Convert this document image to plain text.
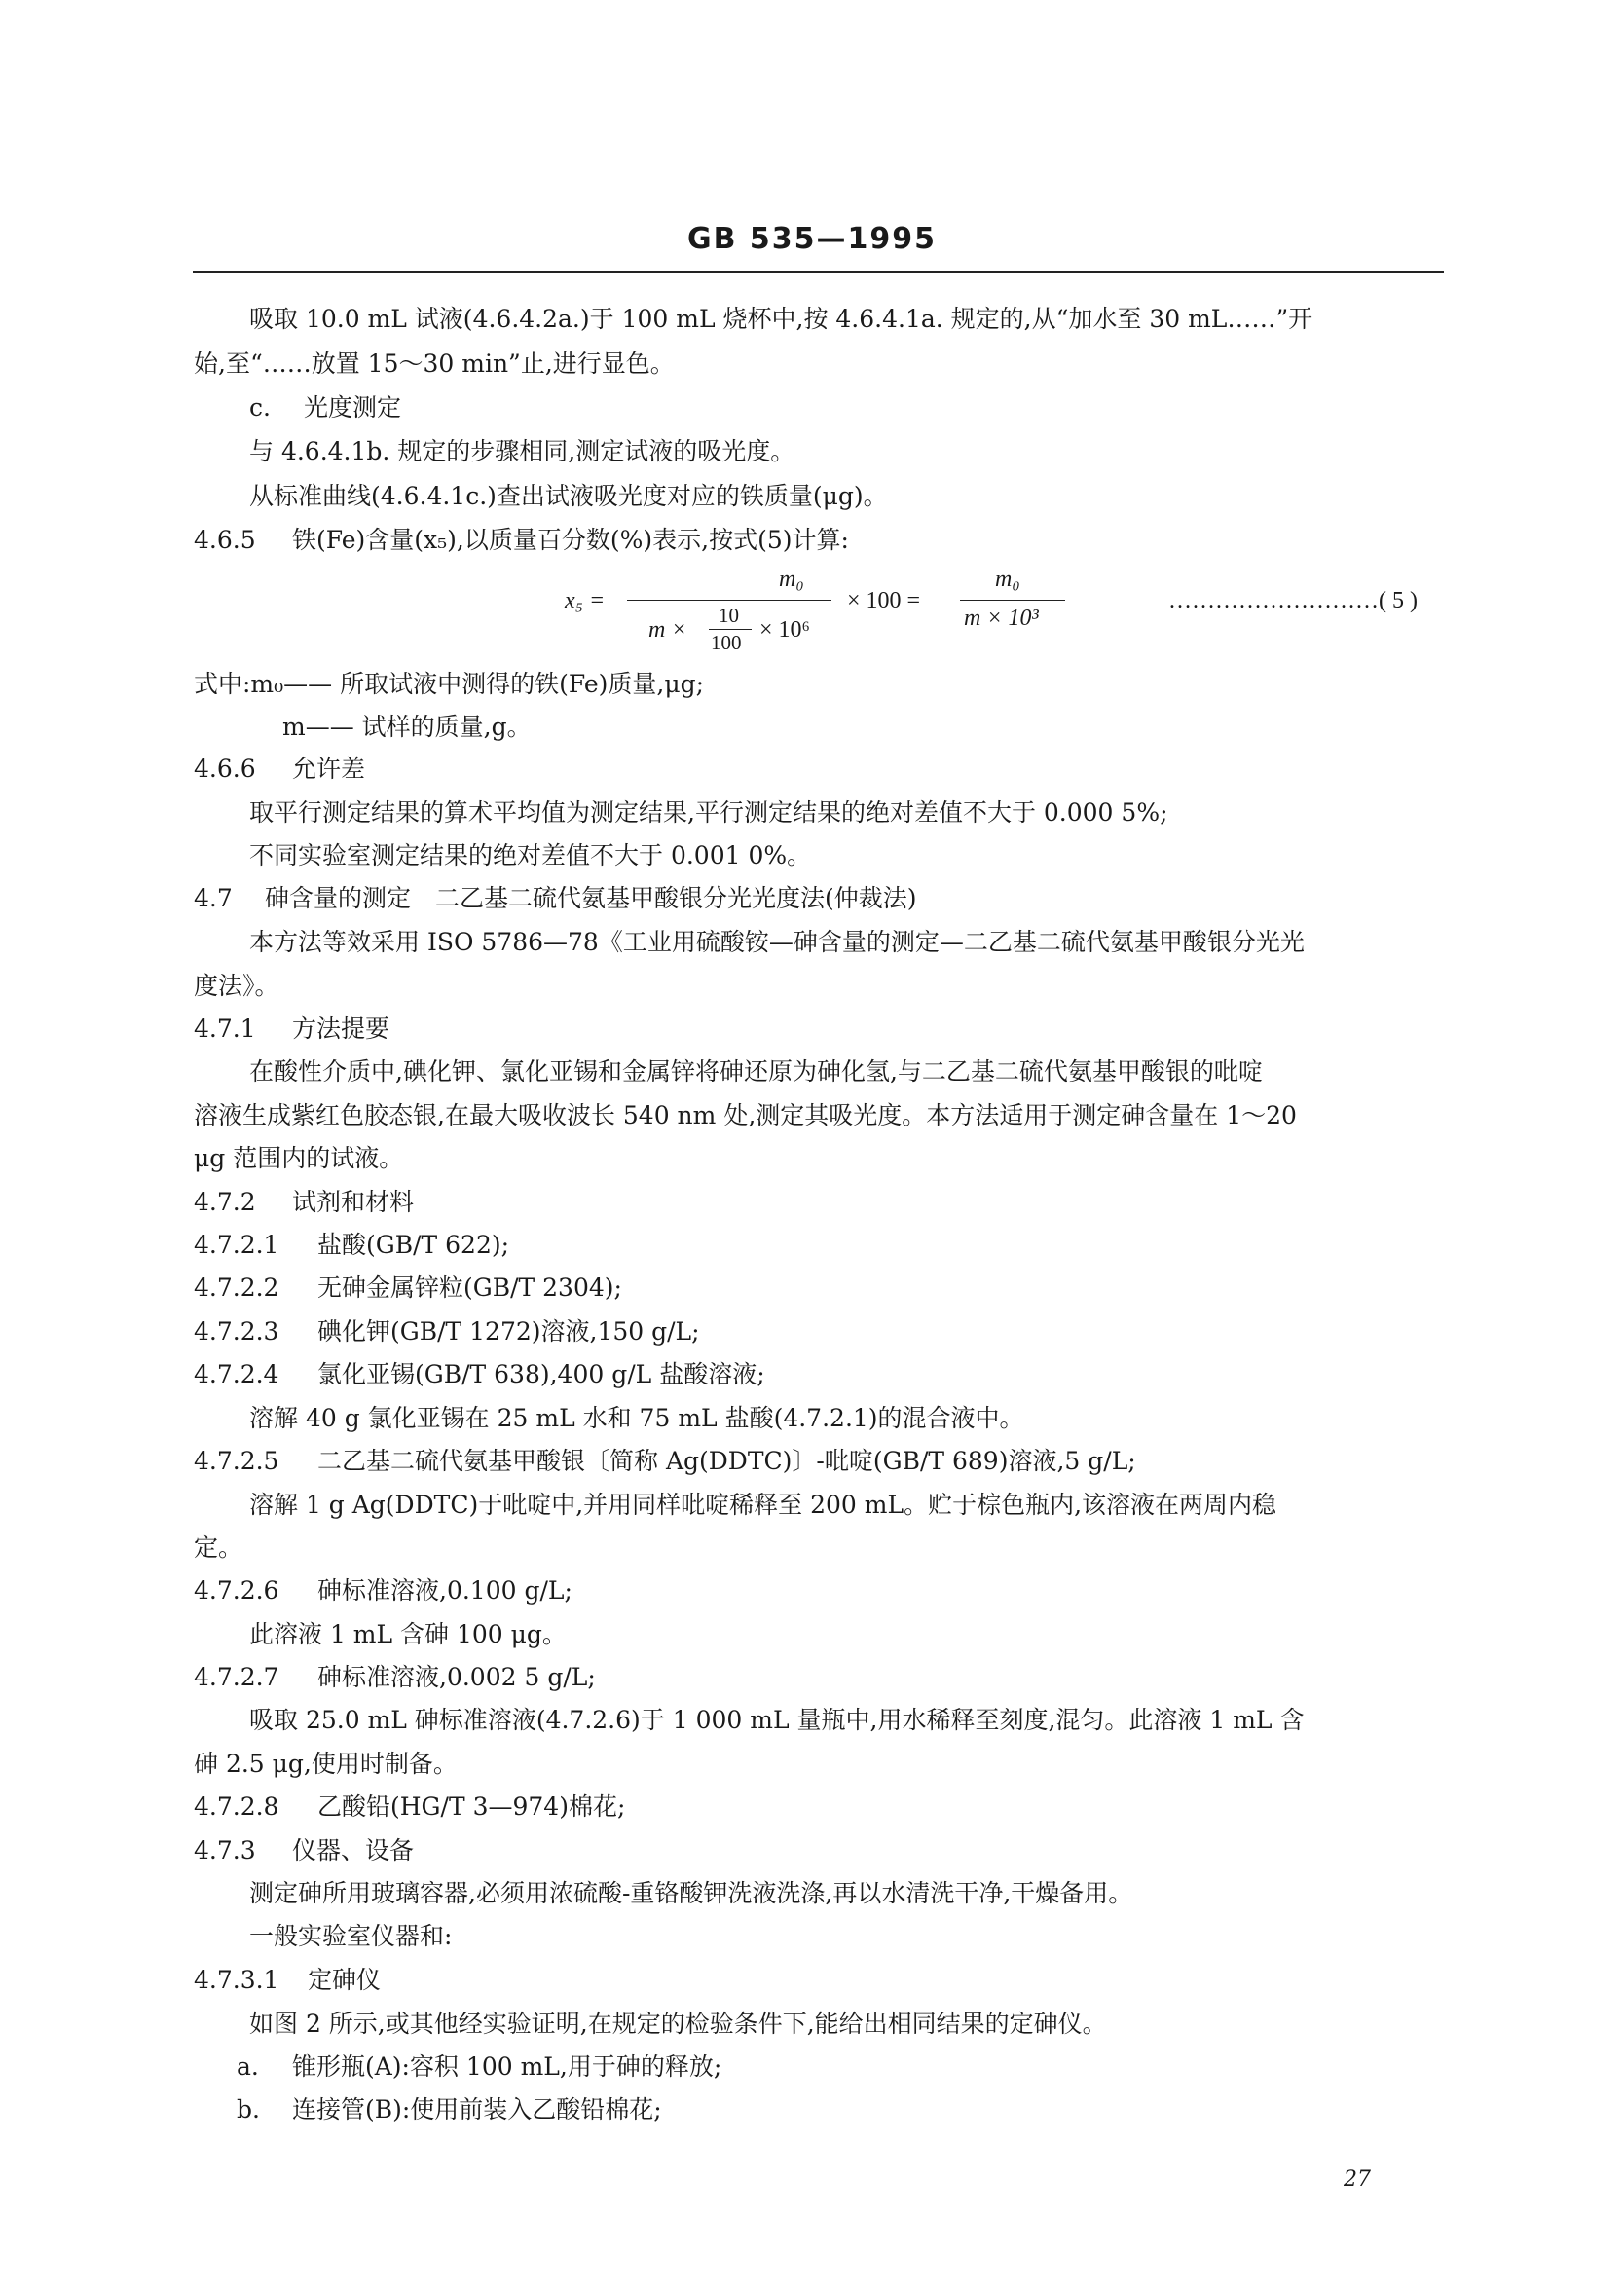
GB 535—1995
吸取 10.0 mL 试液(4.6.4.2a.)于 100 mL 烧杯中,按 4.6.4.1a. 规定的,从“加水至 30 mL……”开
始,至“……放置 15～30 min”止,进行显色。
c. 光度测定
与 4.6.4.1b. 规定的步骤相同,测定试液的吸光度。
从标准曲线(4.6.4.1c.)查出试液吸光度对应的铁质量(μg)。
4.6.5 铁(Fe)含量(x₅),以质量百分数(%)表示,按式(5)计算:
x₅ =
m₀
m ×
10
100 × 10⁶
× 100 =
m₀
m × 10³
………………………( 5 )
式中:m₀—— 所取试液中测得的铁(Fe)质量,μg;
m—— 试样的质量,g。
4.6.6 允许差
取平行测定结果的算术平均值为测定结果,平行测定结果的绝对差值不大于 0.000 5%;
不同实验室测定结果的绝对差值不大于 0.001 0%。
4.7 砷含量的测定　二乙基二硫代氨基甲酸银分光光度法(仲裁法)
本方法等效采用 ISO 5786—78《工业用硫酸铵—砷含量的测定—二乙基二硫代氨基甲酸银分光光
度法》。
4.7.1 方法提要
在酸性介质中,碘化钾、氯化亚锡和金属锌将砷还原为砷化氢,与二乙基二硫代氨基甲酸银的吡啶
溶液生成紫红色胶态银,在最大吸收波长 540 nm 处,测定其吸光度。本方法适用于测定砷含量在 1～20
μg 范围内的试液。
4.7.2 试剂和材料
4.7.2.1 盐酸(GB/T 622);
4.7.2.2 无砷金属锌粒(GB/T 2304);
4.7.2.3 碘化钾(GB/T 1272)溶液,150 g/L;
4.7.2.4 氯化亚锡(GB/T 638),400 g/L 盐酸溶液;
溶解 40 g 氯化亚锡在 25 mL 水和 75 mL 盐酸(4.7.2.1)的混合液中。
4.7.2.5 二乙基二硫代氨基甲酸银〔简称 Ag(DDTC)〕-吡啶(GB/T 689)溶液,5 g/L;
溶解 1 g Ag(DDTC)于吡啶中,并用同样吡啶稀释至 200 mL。贮于棕色瓶内,该溶液在两周内稳
定。
4.7.2.6 砷标准溶液,0.100 g/L;
此溶液 1 mL 含砷 100 μg。
4.7.2.7 砷标准溶液,0.002 5 g/L;
吸取 25.0 mL 砷标准溶液(4.7.2.6)于 1 000 mL 量瓶中,用水稀释至刻度,混匀。此溶液 1 mL 含
砷 2.5 μg,使用时制备。
4.7.2.8 乙酸铅(HG/T 3—974)棉花;
4.7.3 仪器、设备
测定砷所用玻璃容器,必须用浓硫酸-重铬酸钾洗液洗涤,再以水清洗干净,干燥备用。
一般实验室仪器和:
4.7.3.1 定砷仪
如图 2 所示,或其他经实验证明,在规定的检验条件下,能给出相同结果的定砷仪。
a. 锥形瓶(A):容积 100 mL,用于砷的释放;
b. 连接管(B):使用前装入乙酸铅棉花;
27
